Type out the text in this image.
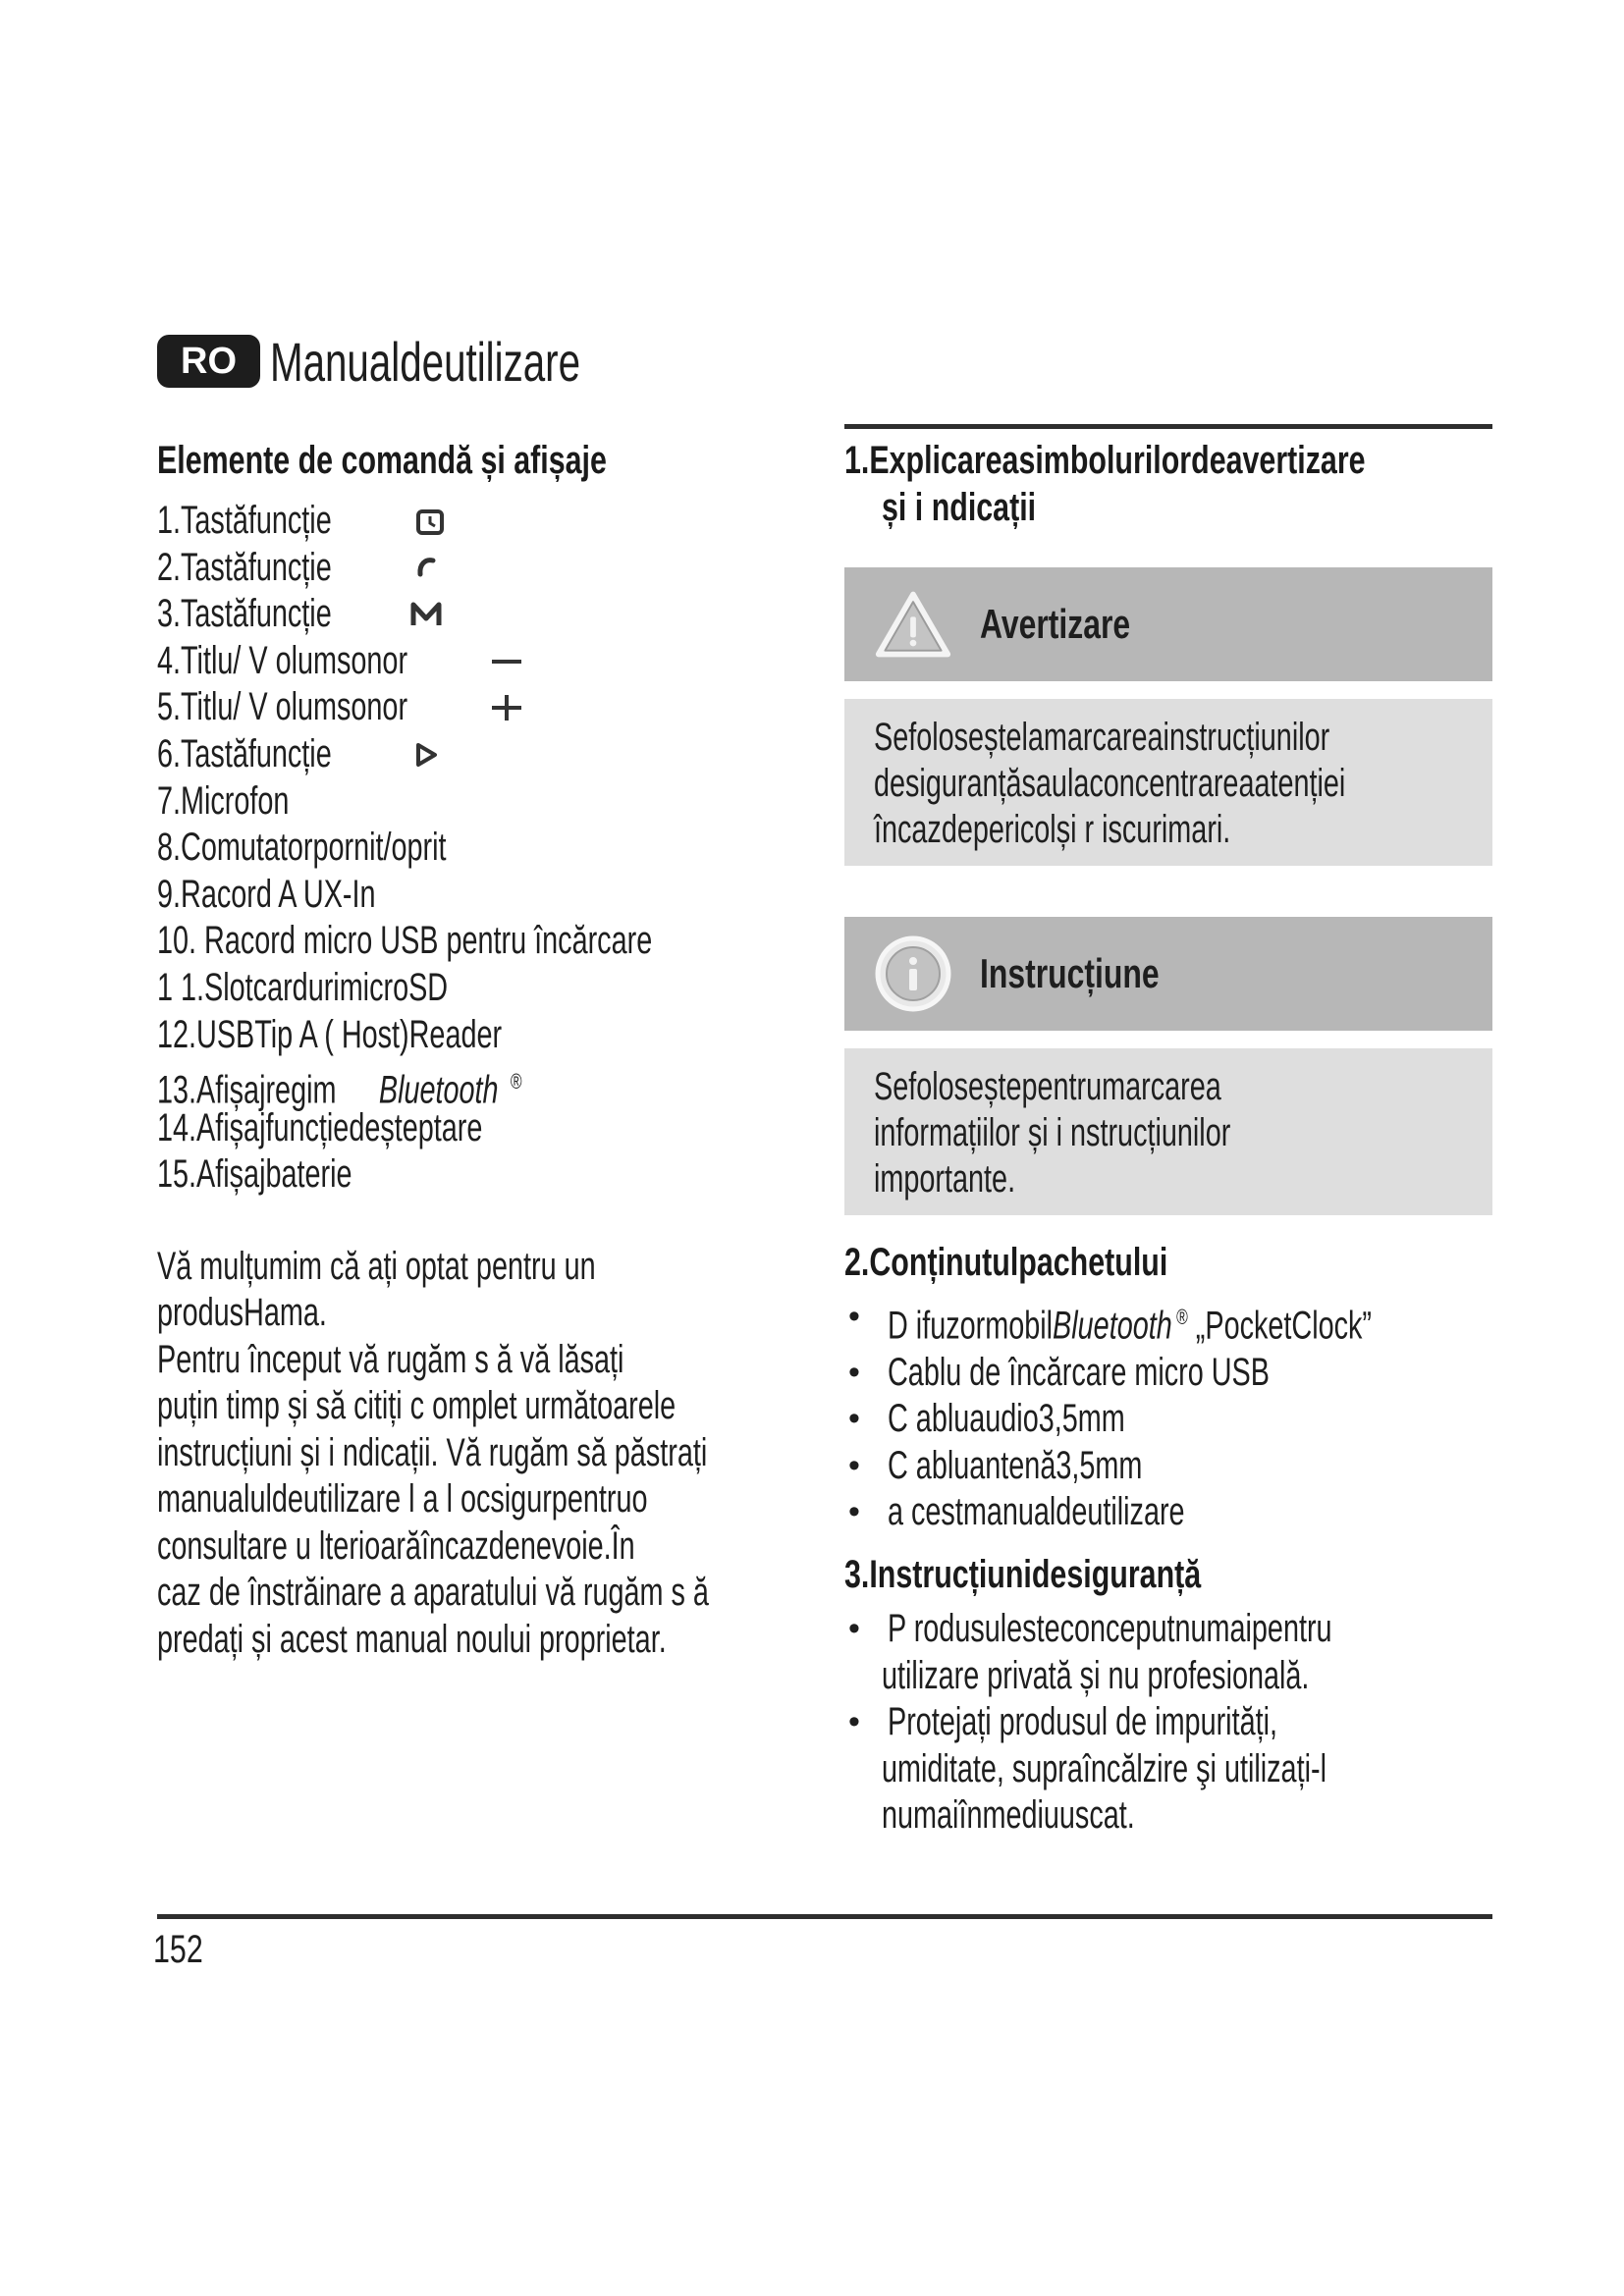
RO Manualdeutilizare
Elemente de comandă și afișaje
1.Tastăfuncție
2.Tastăfuncție
3.Tastăfuncție
4.Titlu/ V olumsonor
5.Titlu/ V olumsonor
6.Tastăfuncție
7.Microfon
8.Comutatorpornit/oprit
9.Racord A UX-In
10. Racord micro USB pentru încărcare
1 1.SlotcardurimicroSD
12.USBTip A ( Host)Reader
13.Afișajregim Bluetooth ®
14.Afișajfuncțiedeșteptare
15.Afișajbaterie
Vă mulțumim că ați optat pentru un
produsHama.
Pentru început vă rugăm s ă vă lăsați
puțin timp și să citiți c omplet următoarele
instrucțiuni și i ndicații. Vă rugăm să păstrați
manualuldeutilizare l a l ocsigurpentruo
consultare u lterioarăîncazdenevoie.În
caz de înstrăinare a aparatului vă rugăm s ă
predați și acest manual noului proprietar.
1.Explicareasimbolurilordeavertizare
și i ndicații
Avertizare
Sefoloseștelamarcareainstrucțiunilor
desiguranțăsaulaconcentrareaatenției
încazdepericolși r iscurimari.
Instrucțiune
Sefoloseștepentrumarcarea
informațiilor și i nstrucțiunilor
importante.
2.Conținutulpachetului
• D ifuzormobilBluetooth ® „PocketClock”
• Cablu de încărcare micro USB
• C abluaudio3,5mm
• C abluantenă3,5mm
• a cestmanualdeutilizare
3.Instrucțiunidesiguranță
• P rodusulesteconceputnumaipentru
utilizare privată și nu profesională.
• Protejați produsul de impurități,
umiditate, supraîncălzire şi utilizați-l
numaiînmediuuscat.
152
